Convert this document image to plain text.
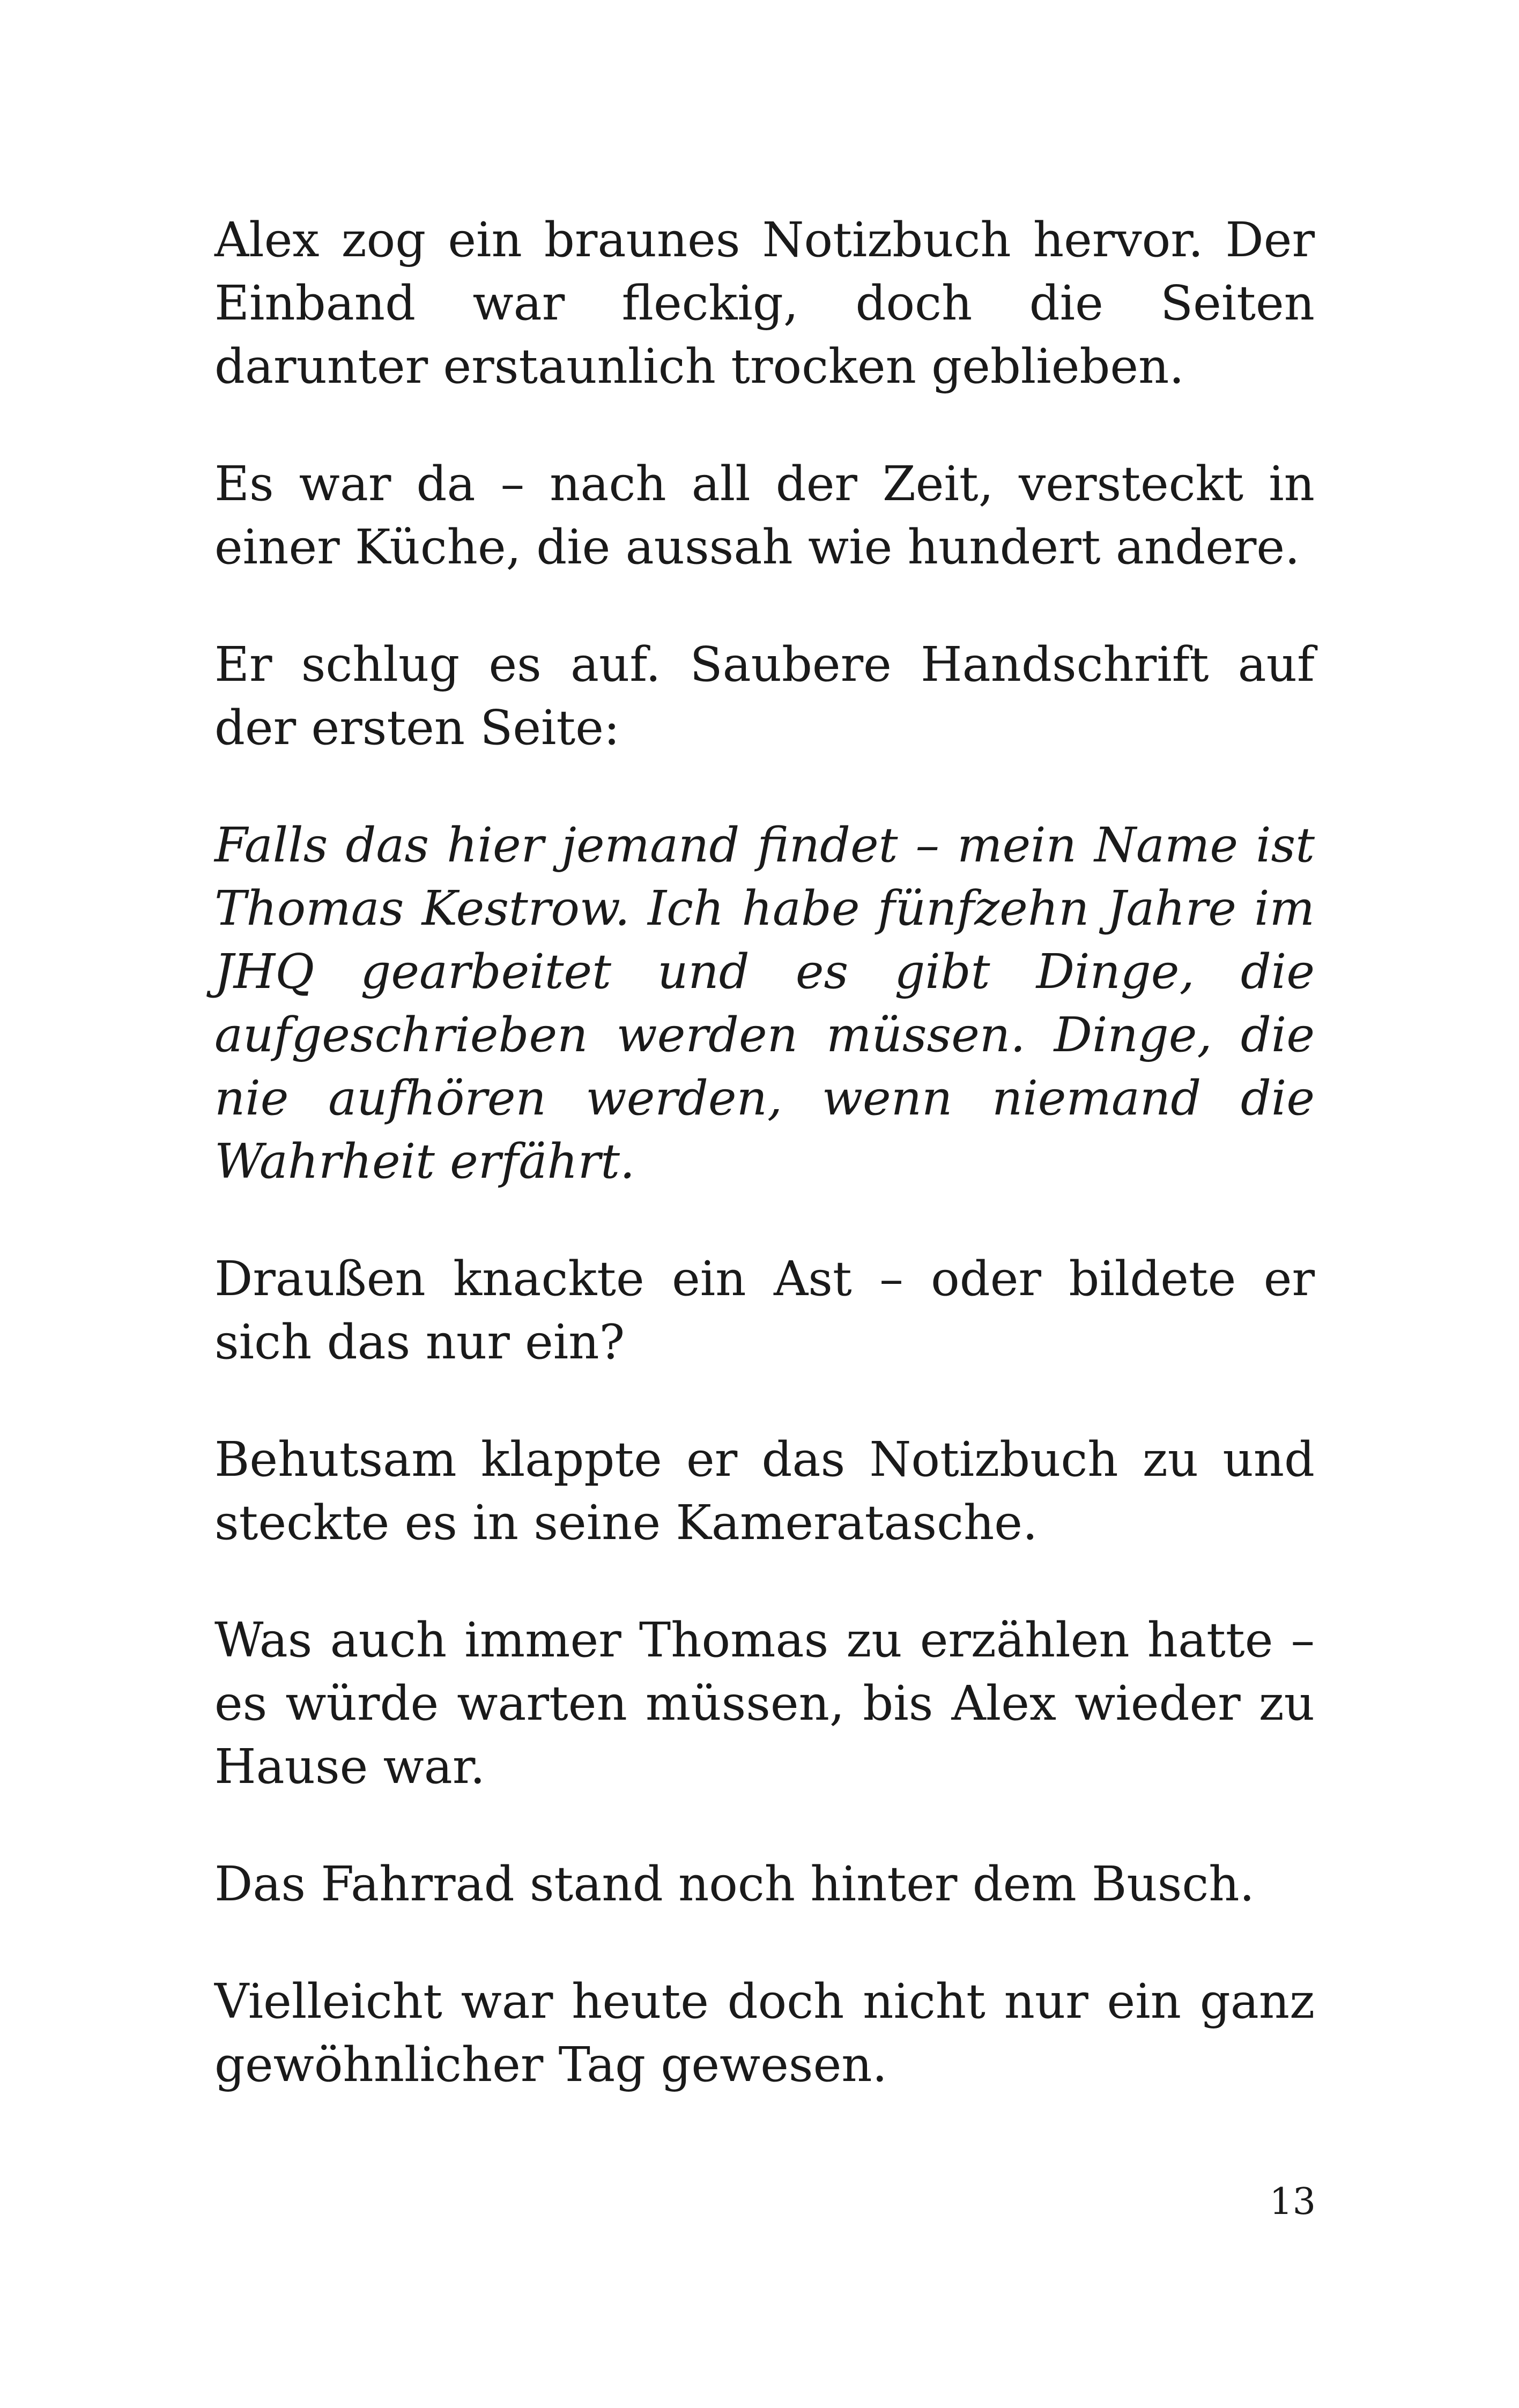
Alex zog ein braunes Notizbuch hervor. Der Einband war fleckig, doch die Seiten darunter erstaunlich trocken geblieben.

Es war da – nach all der Zeit, versteckt in einer Küche, die aussah wie hundert andere.

Er schlug es auf. Saubere Handschrift auf der ersten Seite:

Falls das hier jemand findet – mein Name ist Thomas Kestrow. Ich habe fünfzehn Jahre im JHQ gearbeitet und es gibt Dinge, die aufgeschrieben werden müssen. Dinge, die nie aufhören werden, wenn niemand die Wahrheit erfährt.

Draußen knackte ein Ast – oder bildete er sich das nur ein?

Behutsam klappte er das Notizbuch zu und steckte es in seine Kameratasche.

Was auch immer Thomas zu erzählen hatte – es würde warten müssen, bis Alex wieder zu Hause war.

Das Fahrrad stand noch hinter dem Busch.

Vielleicht war heute doch nicht nur ein ganz gewöhnlicher Tag gewesen.

13
